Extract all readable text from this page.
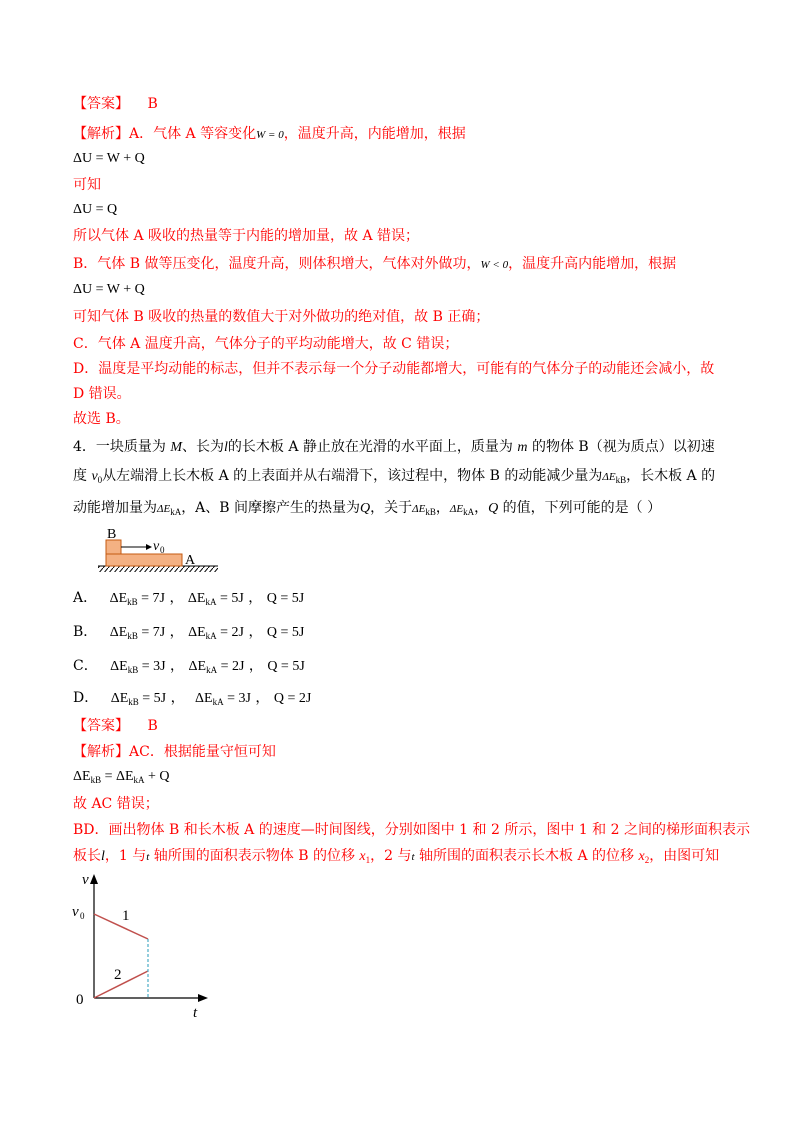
【答案】 B
【解析】A．气体 A 等容变化W = 0，温度升高，内能增加，根据
ΔU = W + Q
可知
ΔU = Q
所以气体 A 吸收的热量等于内能的增加量，故 A 错误；
B．气体 B 做等压变化，温度升高，则体积增大，气体对外做功，W < 0，温度升高内能增加，根据
ΔU = W + Q
可知气体 B 吸收的热量的数值大于对外做功的绝对值，故 B 正确；
C．气体 A 温度升高，气体分子的平均动能增大，故 C 错误；
D．温度是平均动能的标志，但并不表示每一个分子动能都增大，可能有的气体分子的动能还会减小，故
D 错误。
故选 B。
4．一块质量为 M、长为l的长木板 A 静止放在光滑的水平面上，质量为 m 的物体 B（视为质点）以初速
度 $v_0$从左端滑上长木板 A 的上表面并从右端滑下，该过程中，物体 B 的动能减少量为$\Delta E_{kB}$，长木板 A 的
动能增加量为$\Delta E_{kA}$，A、B 间摩擦产生的热量为Q，关于$\Delta E_{kB}$，$\Delta E_{kA}$，Q 的值，下列可能的是（ ）
B
A
v 0
A． $\Delta E_{kB} = 7J$ ， $\Delta E_{kA} = 5J$ ， Q = 5J
B． $\Delta E_{kB} = 7J$ ， $\Delta E_{kA} = 2J$ ， Q = 5J
C． $\Delta E_{kB} = 3J$ ， $\Delta E_{kA} = 2J$ ， Q = 5J
D． $\Delta E_{kB} = 5J$ ， $\Delta E_{kA} = 3J$ ， Q = 2J
【答案】 B
【解析】AC．根据能量守恒可知
$\Delta E_{kB} = \Delta E_{kA} + Q$
故 AC 错误；
BD．画出物体 B 和长木板 A 的速度—时间图线，分别如图中 1 和 2 所示，图中 1 和 2 之间的梯形面积表示
板长l，1 与t 轴所围的面积表示物体 B 的位移 $x_1$，2 与t 轴所围的面积表示长木板 A 的位移 $x_2$，由图可知
v
t
v 0
0
1
2
